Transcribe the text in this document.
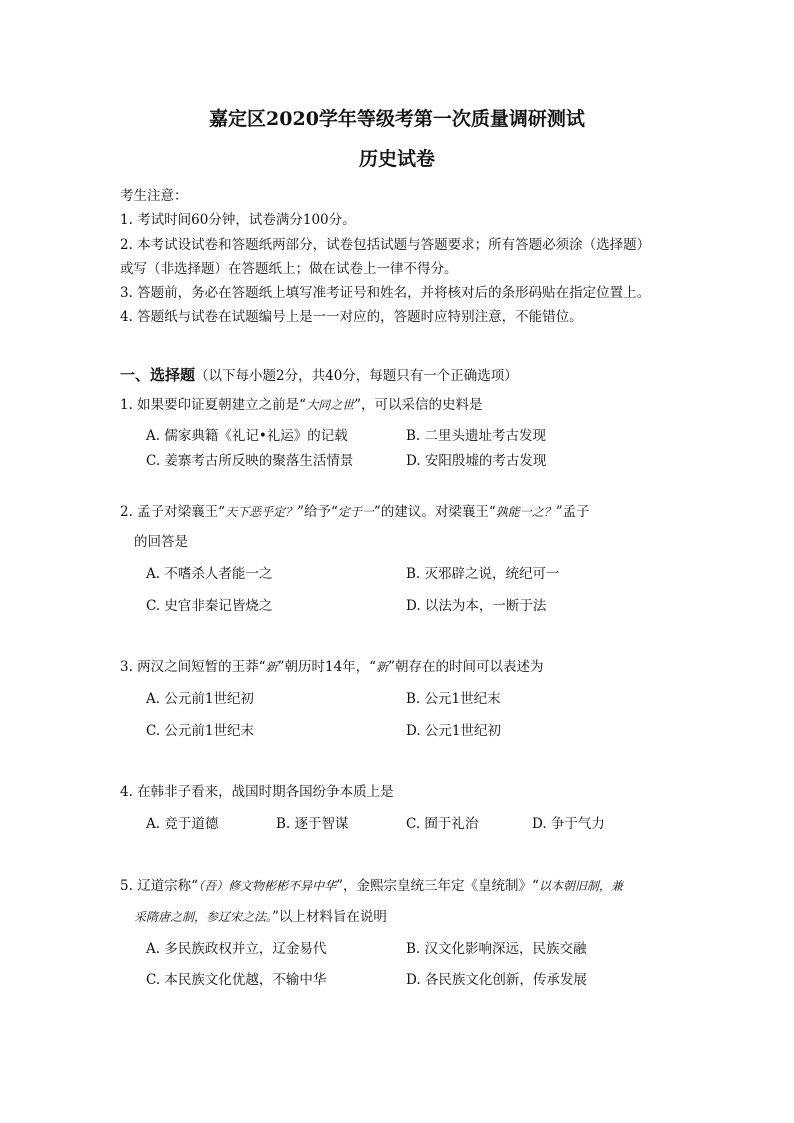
嘉定区2020学年等级考第一次质量调研测试
历史试卷
考生注意：
1. 考试时间60分钟，试卷满分100分。
2. 本考试设试卷和答题纸两部分，试卷包括试题与答题要求；所有答题必须涂（选择题）
或写（非选择题）在答题纸上；做在试卷上一律不得分。
3. 答题前，务必在答题纸上填写准考证号和姓名，并将核对后的条形码贴在指定位置上。
4. 答题纸与试卷在试题编号上是一一对应的，答题时应特别注意，不能错位。
一、选择题（以下每小题2分，共40分，每题只有一个正确选项）
1. 如果要印证夏朝建立之前是“大同之世”，可以采信的史料是
A. 儒家典籍《礼记•礼运》的记载	B. 二里头遗址考古发现
C. 姜寨考古所反映的聚落生活情景	D. 安阳殷墟的考古发现
2. 孟子对梁襄王“天下恶乎定？”给予“定于一”的建议。对梁襄王“孰能一之？”孟子
的回答是
A. 不嗜杀人者能一之	B. 灭邪辟之说，统纪可一
C. 史官非秦记皆烧之	D. 以法为本，一断于法
3. 两汉之间短暂的王莽“新”朝历时14年，“新”朝存在的时间可以表述为
A. 公元前1世纪初	B. 公元1世纪末
C. 公元前1世纪末	D. 公元1世纪初
4. 在韩非子看来，战国时期各国纷争本质上是
A. 竞于道德	B. 逐于智谋	C. 囿于礼治	D. 争于气力
5. 辽道宗称“（吾）修文物彬彬不异中华”，金熙宗皇统三年定《皇统制》“以本朝旧制，兼
采隋唐之制，参辽宋之法。”以上材料旨在说明
A. 多民族政权并立，辽金易代	B. 汉文化影响深远，民族交融
C. 本民族文化优越，不输中华	D. 各民族文化创新，传承发展
